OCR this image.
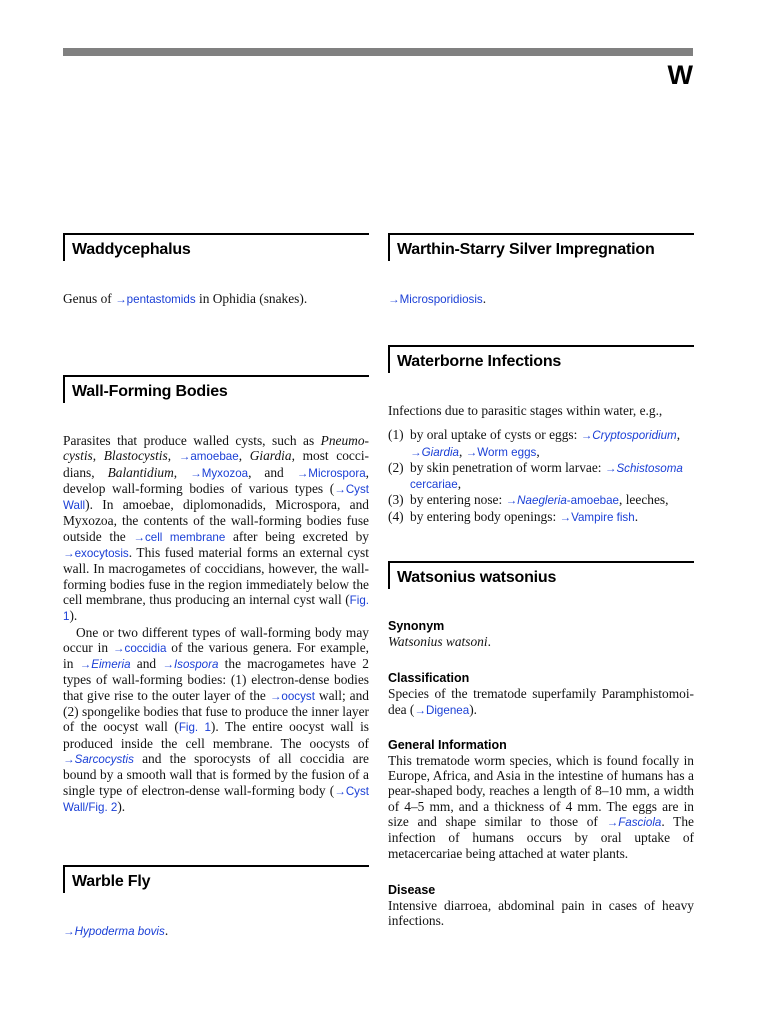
W
Waddycephalus

Genus of →pentastomids in Ophidia (snakes).

Wall-Forming Bodies

Parasites that produce walled cysts, such as Pneumo-cystis, Blastocystis, →amoebae, Giardia, most cocci-dians, Balantidium, →Myxozoa, and →Microspora, develop wall-forming bodies of various types (→Cyst Wall). In amoebae, diplomonadids, Microspora, and Myxozoa, the contents of the wall-forming bodies fuse outside the →cell membrane after being excreted by →exocytosis. This fused material forms an external cyst wall. In macrogametes of coccidians, however, the wall-forming bodies fuse in the region immediately below the cell membrane, thus producing an internal cyst wall (Fig. 1).

One or two different types of wall-forming body may occur in →coccidia of the various genera. For example, in →Eimeria and →Isospora the macrogametes have 2 types of wall-forming bodies: (1) electron-dense bodies that give rise to the outer layer of the →oocyst wall; and (2) spongelike bodies that fuse to produce the inner layer of the oocyst wall (Fig. 1). The entire oocyst wall is produced inside the cell membrane. The oocysts of →Sarcocystis and the sporocysts of all coccidia are bound by a smooth wall that is formed by the fusion of a single type of electron-dense wall-forming body (→Cyst Wall/Fig. 2).

Warble Fly

→Hypoderma bovis.

Warthin-Starry Silver Impregnation

→Microsporidiosis.

Waterborne Infections

Infections due to parasitic stages within water, e.g.,

(1) by oral uptake of cysts or eggs: →Cryptosporidium,
→Giardia, →Worm eggs,
(2) by skin penetration of worm larvae: →Schistosoma cercariae,
(3) by entering nose: →Naegleria-amoebae, leeches,
(4) by entering body openings: →Vampire fish.
Watsonius watsonius

Synonym

Watsonius watsoni.

Classification

Species of the trematode superfamily Paramphistomoi-dea (→Digenea).

General Information

This trematode worm species, which is found focally in Europe, Africa, and Asia in the intestine of humans has a pear-shaped body, reaches a length of 8–10 mm, a width of 4–5 mm, and a thickness of 4 mm. The eggs are in size and shape similar to those of →Fasciola. The infection of humans occurs by oral uptake of metacercariae being attached at water plants.

Disease

Intensive diarroea, abdominal pain in cases of heavy infections.
